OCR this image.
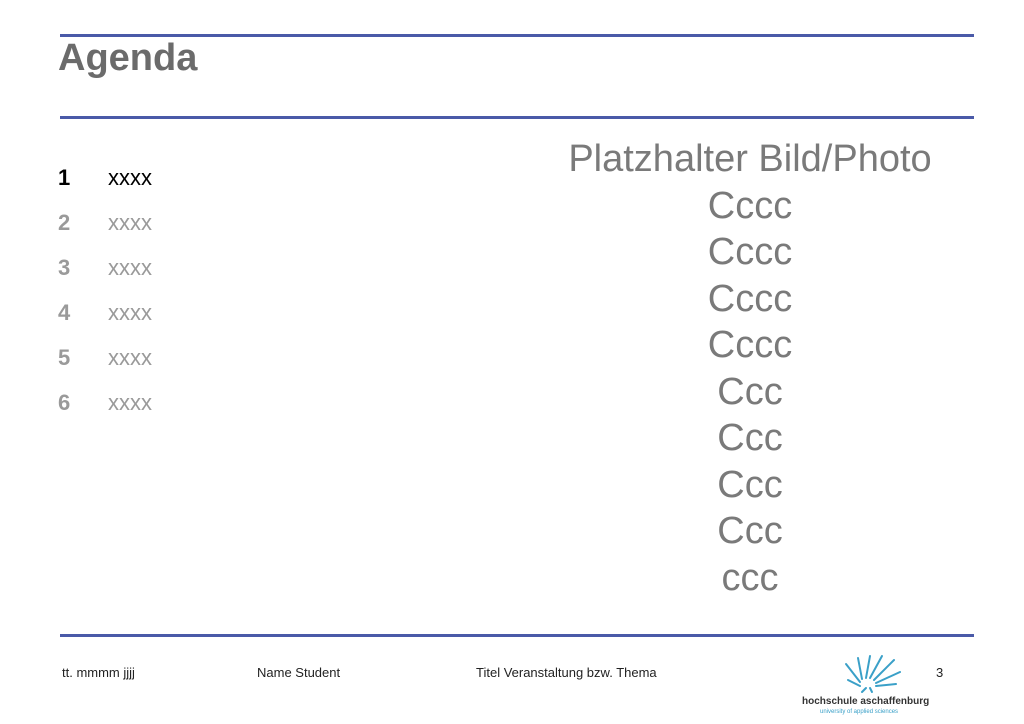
Agenda
1	xxxx
2	xxxx
3	xxxx
4	xxxx
5	xxxx
6	xxxx
Platzhalter Bild/Photo
Cccc
Cccc
Cccc
Cccc
Ccc
Ccc
Ccc
Ccc
ccc
tt. mmmm jjjj	Name Student	Titel Veranstaltung bzw. Thema	3
hochschule aschaffenburg
university of applied sciences
